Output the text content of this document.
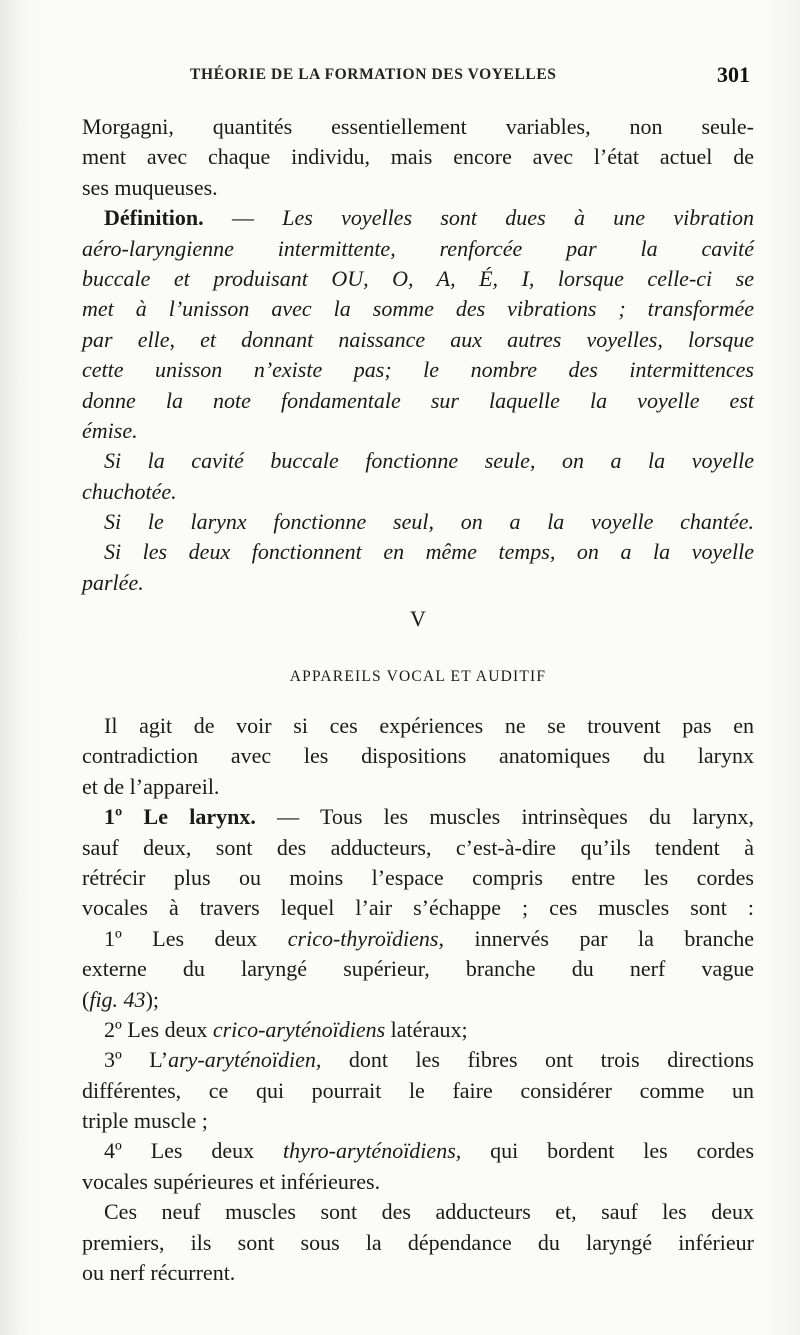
THÉORIE DE LA FORMATION DES VOYELLES	301
Morgagni, quantités essentiellement variables, non seule-
ment avec chaque individu, mais encore avec l’état actuel de
ses muqueuses.
Définition. — Les voyelles sont dues à une vibration
aéro-laryngienne intermittente, renforcée par la cavité
buccale et produisant OU, O, A, É, I, lorsque celle-ci se
met à l’unisson avec la somme des vibrations ; transformée
par elle, et donnant naissance aux autres voyelles, lorsque
cette unisson n’existe pas; le nombre des intermittences
donne la note fondamentale sur laquelle la voyelle est
émise.
Si la cavité buccale fonctionne seule, on a la voyelle
chuchotée.
Si le larynx fonctionne seul, on a la voyelle chantée.
Si les deux fonctionnent en même temps, on a la voyelle
parlée.
V
APPAREILS VOCAL ET AUDITIF
Il agit de voir si ces expériences ne se trouvent pas en
contradiction avec les dispositions anatomiques du larynx
et de l’appareil.
1º Le larynx. — Tous les muscles intrinsèques du larynx,
sauf deux, sont des adducteurs, c’est-à-dire qu’ils tendent à
rétrécir plus ou moins l’espace compris entre les cordes
vocales à travers lequel l’air s’échappe ; ces muscles sont :
1º Les deux crico-thyroïdiens, innervés par la branche
externe du laryngé supérieur, branche du nerf vague
(fig. 43);
2º Les deux crico-aryténoïdiens latéraux;
3º L’ary-aryténoïdien, dont les fibres ont trois directions
différentes, ce qui pourrait le faire considérer comme un
triple muscle ;
4º Les deux thyro-aryténoïdiens, qui bordent les cordes
vocales supérieures et inférieures.
Ces neuf muscles sont des adducteurs et, sauf les deux
premiers, ils sont sous la dépendance du laryngé inférieur
ou nerf récurrent.
